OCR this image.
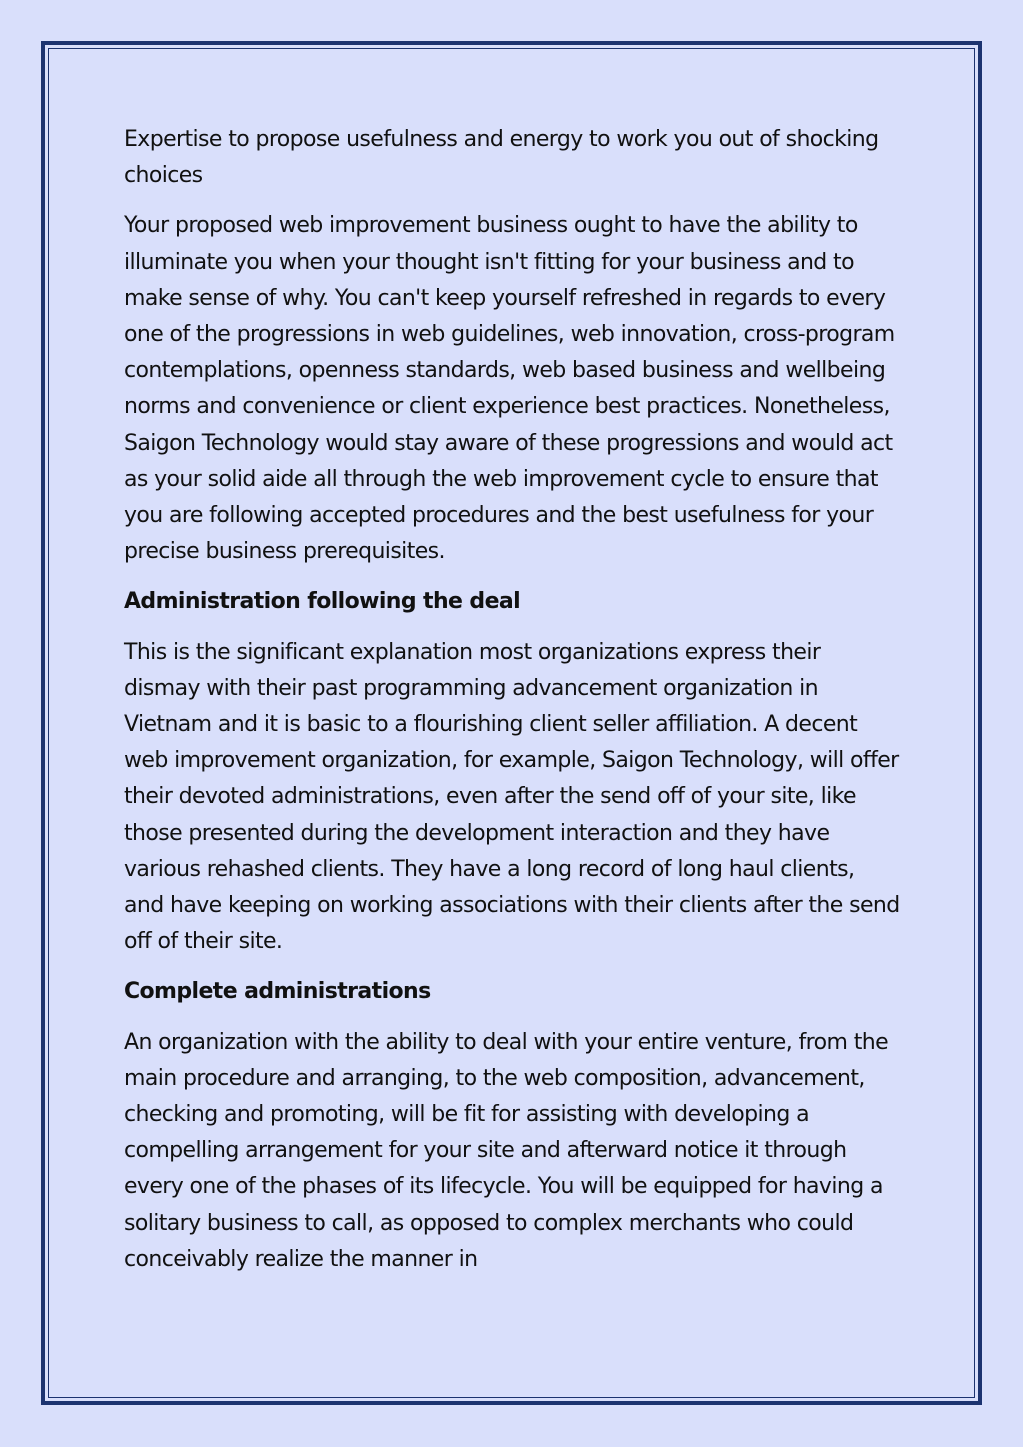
Expertise to propose usefulness and energy to work you out of shocking choices

Your proposed web improvement business ought to have the ability to illuminate you when your thought isn't fitting for your business and to make sense of why. You can't keep yourself refreshed in regards to every one of the progressions in web guidelines, web innovation, cross-program contemplations, openness standards, web based business and wellbeing norms and convenience or client experience best practices. Nonetheless, Saigon Technology would stay aware of these progressions and would act as your solid aide all through the web improvement cycle to ensure that you are following accepted procedures and the best usefulness for your precise business prerequisites.

Administration following the deal

This is the significant explanation most organizations express their dismay with their past programming advancement organization in Vietnam and it is basic to a flourishing client seller affiliation. A decent web improvement organization, for example, Saigon Technology, will offer their devoted administrations, even after the send off of your site, like those presented during the development interaction and they have various rehashed clients. They have a long record of long haul clients, and have keeping on working associations with their clients after the send off of their site.

Complete administrations

An organization with the ability to deal with your entire venture, from the main procedure and arranging, to the web composition, advancement, checking and promoting, will be fit for assisting with developing a compelling arrangement for your site and afterward notice it through every one of the phases of its lifecycle. You will be equipped for having a solitary business to call, as opposed to complex merchants who could conceivably realize the manner in
